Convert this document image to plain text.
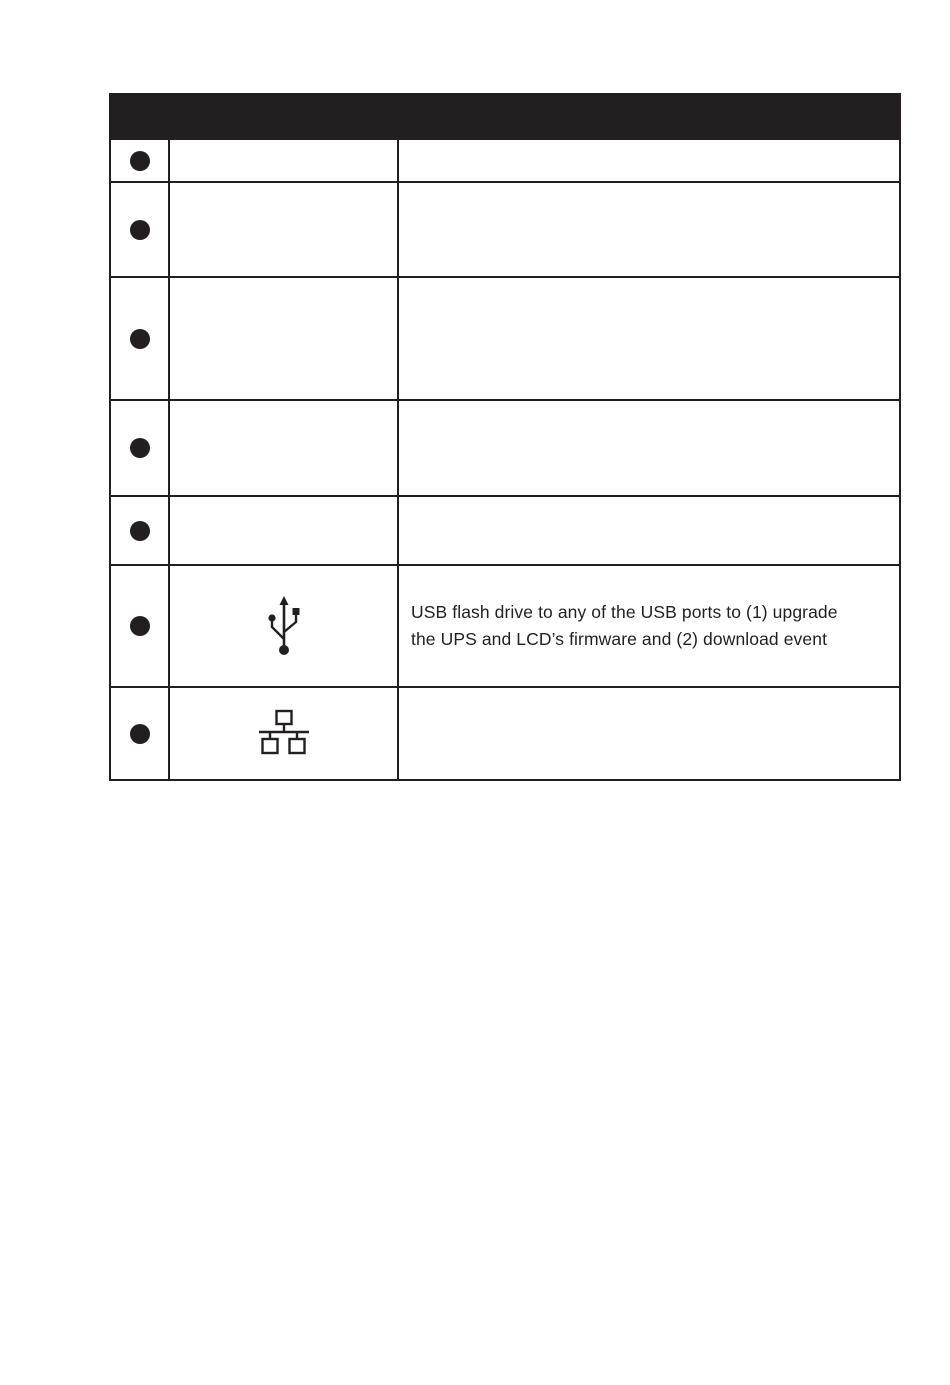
USB flash drive to any of the USB ports to (1) upgrade
the UPS and LCD’s firmware and (2) download event
